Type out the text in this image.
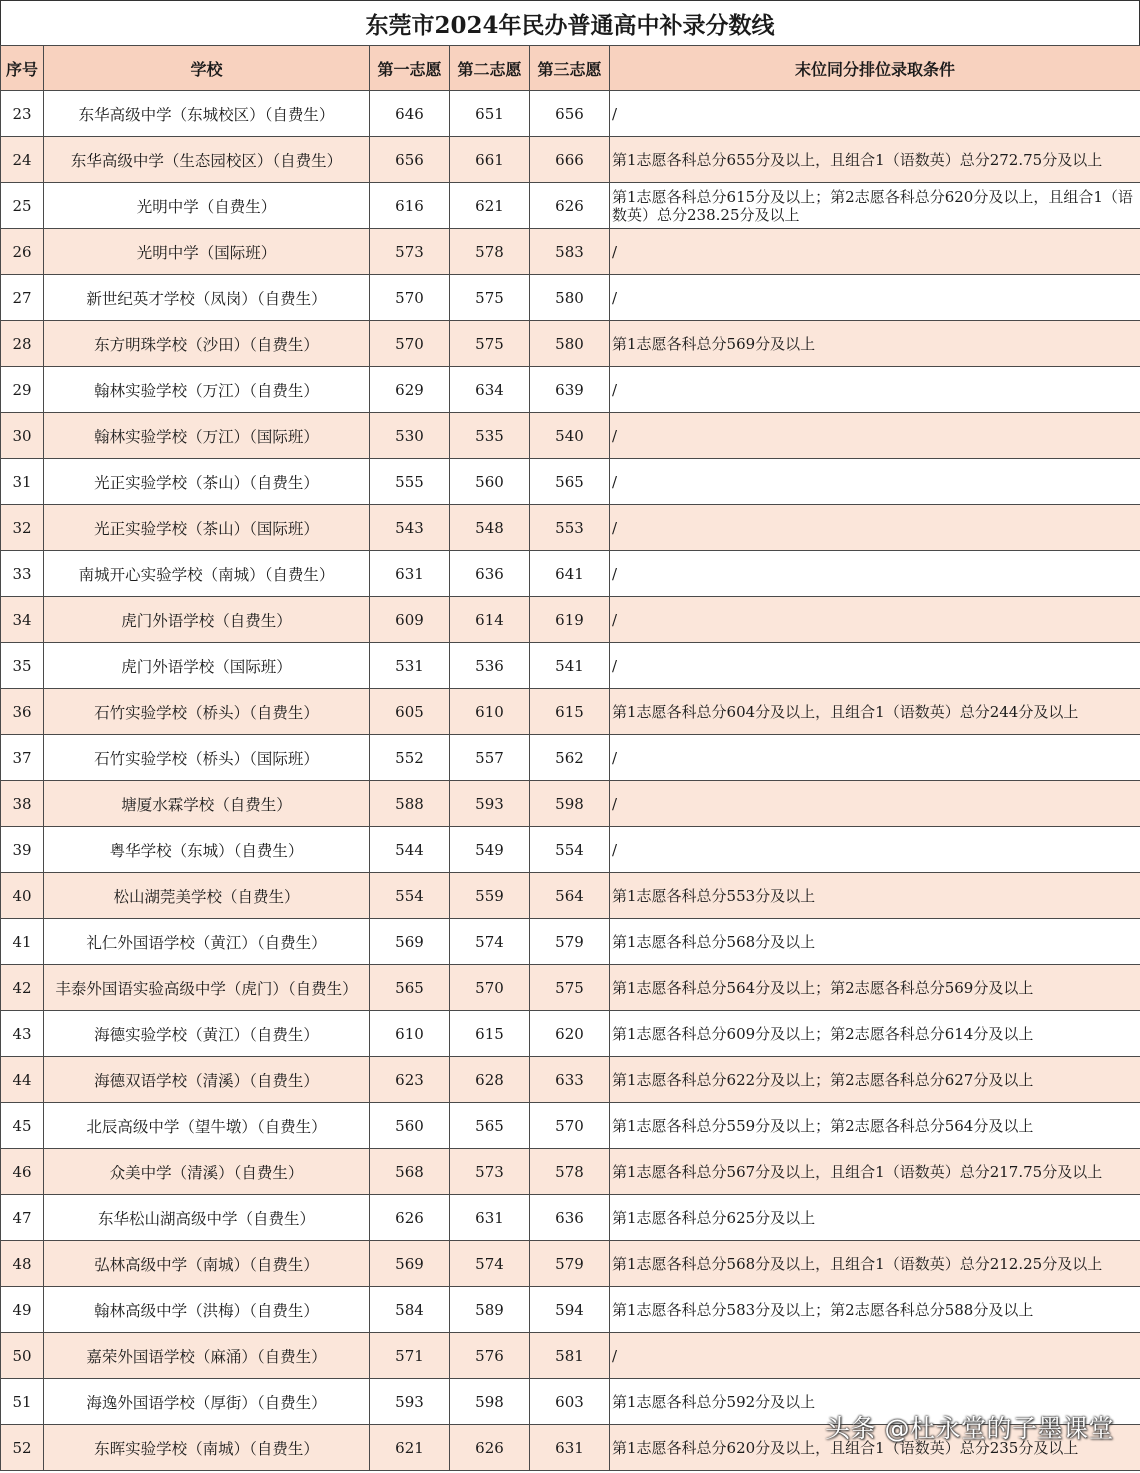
东莞市2024年民办普通高中补录分数线
序号	学校	第一志愿	第二志愿	第三志愿	末位同分排位录取条件
23	东华高级中学（东城校区）（自费生）	646	651	656	/
24	东华高级中学（生态园校区）（自费生）	656	661	666	第1志愿各科总分655分及以上，且组合1（语数英）总分272.75分及以上
25	光明中学（自费生）	616	621	626	第1志愿各科总分615分及以上；第2志愿各科总分620分及以上，且组合1（语数英）总分238.25分及以上
26	光明中学（国际班）	573	578	583	/
27	新世纪英才学校（凤岗）（自费生）	570	575	580	/
28	东方明珠学校（沙田）（自费生）	570	575	580	第1志愿各科总分569分及以上
29	翰林实验学校（万江）（自费生）	629	634	639	/
30	翰林实验学校（万江）（国际班）	530	535	540	/
31	光正实验学校（茶山）（自费生）	555	560	565	/
32	光正实验学校（茶山）（国际班）	543	548	553	/
33	南城开心实验学校（南城）（自费生）	631	636	641	/
34	虎门外语学校（自费生）	609	614	619	/
35	虎门外语学校（国际班）	531	536	541	/
36	石竹实验学校（桥头）（自费生）	605	610	615	第1志愿各科总分604分及以上，且组合1（语数英）总分244分及以上
37	石竹实验学校（桥头）（国际班）	552	557	562	/
38	塘厦水霖学校（自费生）	588	593	598	/
39	粤华学校（东城）（自费生）	544	549	554	/
40	松山湖莞美学校（自费生）	554	559	564	第1志愿各科总分553分及以上
41	礼仁外国语学校（黄江）（自费生）	569	574	579	第1志愿各科总分568分及以上
42	丰泰外国语实验高级中学（虎门）（自费生）	565	570	575	第1志愿各科总分564分及以上；第2志愿各科总分569分及以上
43	海德实验学校（黄江）（自费生）	610	615	620	第1志愿各科总分609分及以上；第2志愿各科总分614分及以上
44	海德双语学校（清溪）（自费生）	623	628	633	第1志愿各科总分622分及以上；第2志愿各科总分627分及以上
45	北辰高级中学（望牛墩）（自费生）	560	565	570	第1志愿各科总分559分及以上；第2志愿各科总分564分及以上
46	众美中学（清溪）（自费生）	568	573	578	第1志愿各科总分567分及以上，且组合1（语数英）总分217.75分及以上
47	东华松山湖高级中学（自费生）	626	631	636	第1志愿各科总分625分及以上
48	弘林高级中学（南城）（自费生）	569	574	579	第1志愿各科总分568分及以上，且组合1（语数英）总分212.25分及以上
49	翰林高级中学（洪梅）（自费生）	584	589	594	第1志愿各科总分583分及以上；第2志愿各科总分588分及以上
50	嘉荣外国语学校（麻涌）（自费生）	571	576	581	/
51	海逸外国语学校（厚街）（自费生）	593	598	603	第1志愿各科总分592分及以上
52	东晖实验学校（南城）（自费生）	621	626	631	第1志愿各科总分620分及以上，且组合1（语数英）总分235分及以上
头条 @杜永堂的子墨课堂
